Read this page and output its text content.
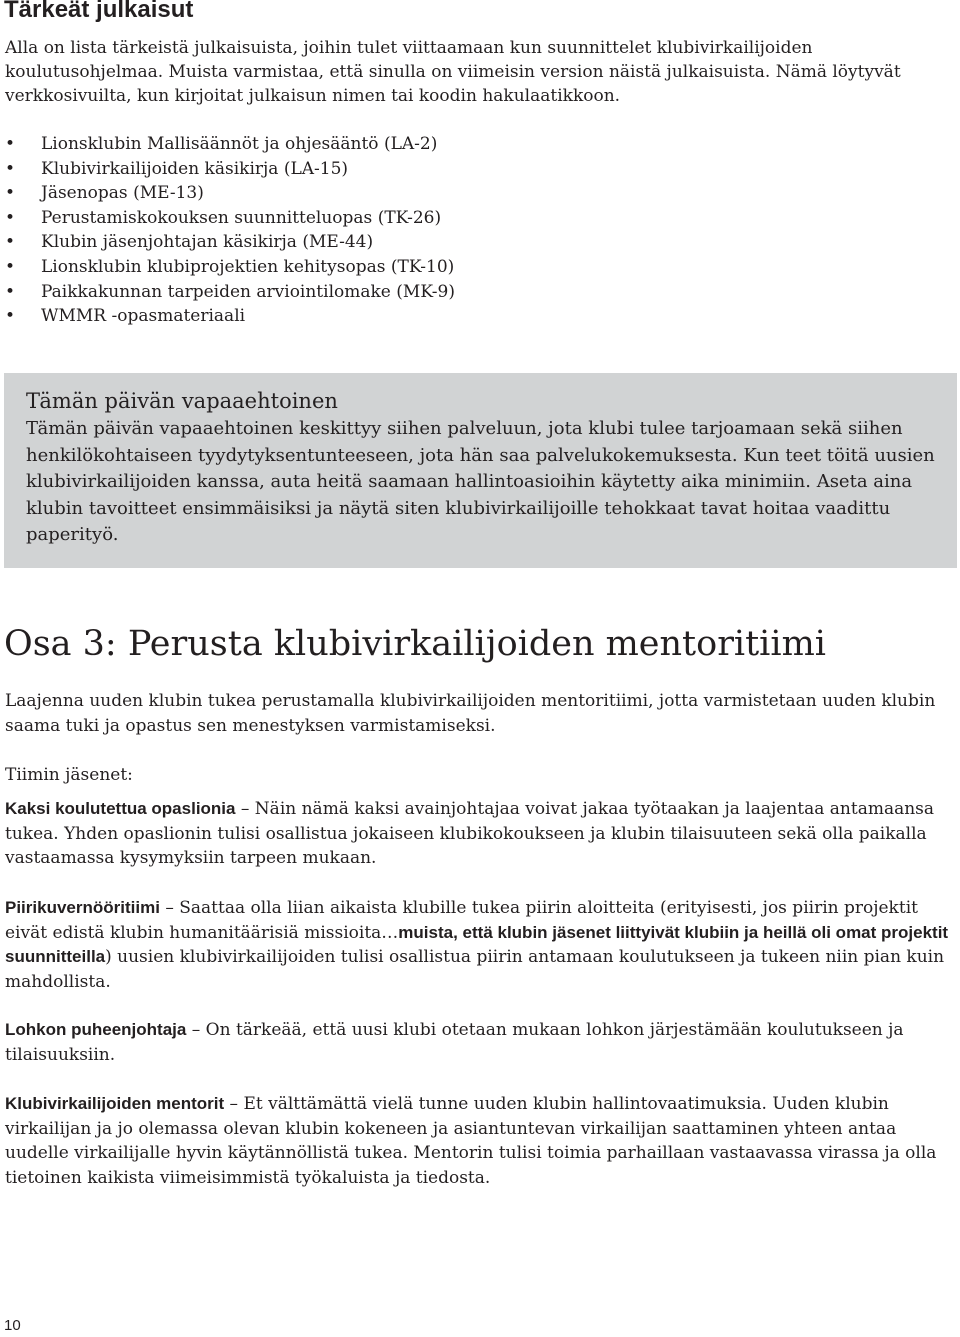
Tärkeät julkaisut

Alla on lista tärkeistä julkaisuista, joihin tulet viittaamaan kun suunnittelet klubivirkailijoiden koulutusohjelmaa. Muista varmistaa, että sinulla on viimeisin version näistä julkaisuista. Nämä löytyvät verkkosivuilta, kun kirjoitat julkaisun nimen tai koodin hakulaatikkoon.

• Lionsklubin Mallisäännöt ja ohjesääntö (LA-2)
• Klubivirkailijoiden käsikirja (LA-15)
• Jäsenopas (ME-13)
• Perustamiskokouksen suunnitteluopas (TK-26)
• Klubin jäsenjohtajan käsikirja (ME-44)
• Lionsklubin klubiprojektien kehitysopas (TK-10)
• Paikkakunnan tarpeiden arviointilomake (MK-9)
• WMMR -opasmateriaali
Tämän päivän vapaaehtoinen

Tämän päivän vapaaehtoinen keskittyy siihen palveluun, jota klubi tulee tarjoamaan sekä siihen henkilökohtaiseen tyydytyksentunteeseen, jota hän saa palvelukokemuksesta. Kun teet töitä uusien klubivirkailijoiden kanssa, auta heitä saamaan hallintoasioihin käytetty aika minimiin. Aseta aina klubin tavoitteet ensimmäisiksi ja näytä siten klubivirkailijoille tehokkaat tavat hoitaa vaadittu paperityö.

Osa 3: Perusta klubivirkailijoiden mentoritiimi

Laajenna uuden klubin tukea perustamalla klubivirkailijoiden mentoritiimi, jotta varmistetaan uuden klubin saama tuki ja opastus sen menestyksen varmistamiseksi.

Tiimin jäsenet:

Kaksi koulutettua opaslionia – Näin nämä kaksi avainjohtajaa voivat jakaa työtaakan ja laajentaa antamaansa tukea. Yhden opaslionin tulisi osallistua jokaiseen klubikokoukseen ja klubin tilaisuuteen sekä olla paikalla vastaamassa kysymyksiin tarpeen mukaan.

Piirikuvernööritiimi – Saattaa olla liian aikaista klubille tukea piirin aloitteita (erityisesti, jos piirin projektit eivät edistä klubin humanitäärisiä missioita…muista, että klubin jäsenet liittyivät klubiin ja heillä oli omat projektit suunnitteilla) uusien klubivirkailijoiden tulisi osallistua piirin antamaan koulutukseen ja tukeen niin pian kuin mahdollista.

Lohkon puheenjohtaja – On tärkeää, että uusi klubi otetaan mukaan lohkon järjestämään koulutukseen ja tilaisuuksiin.

Klubivirkailijoiden mentorit – Et välttämättä vielä tunne uuden klubin hallintovaatimuksia. Uuden klubin virkailijan ja jo olemassa olevan klubin kokeneen ja asiantuntevan virkailijan saattaminen yhteen antaa uudelle virkailijalle hyvin käytännöllistä tukea. Mentorin tulisi toimia parhaillaan vastaavassa virassa ja olla tietoinen kaikista viimeisimmistä työkaluista ja tiedosta.

10
